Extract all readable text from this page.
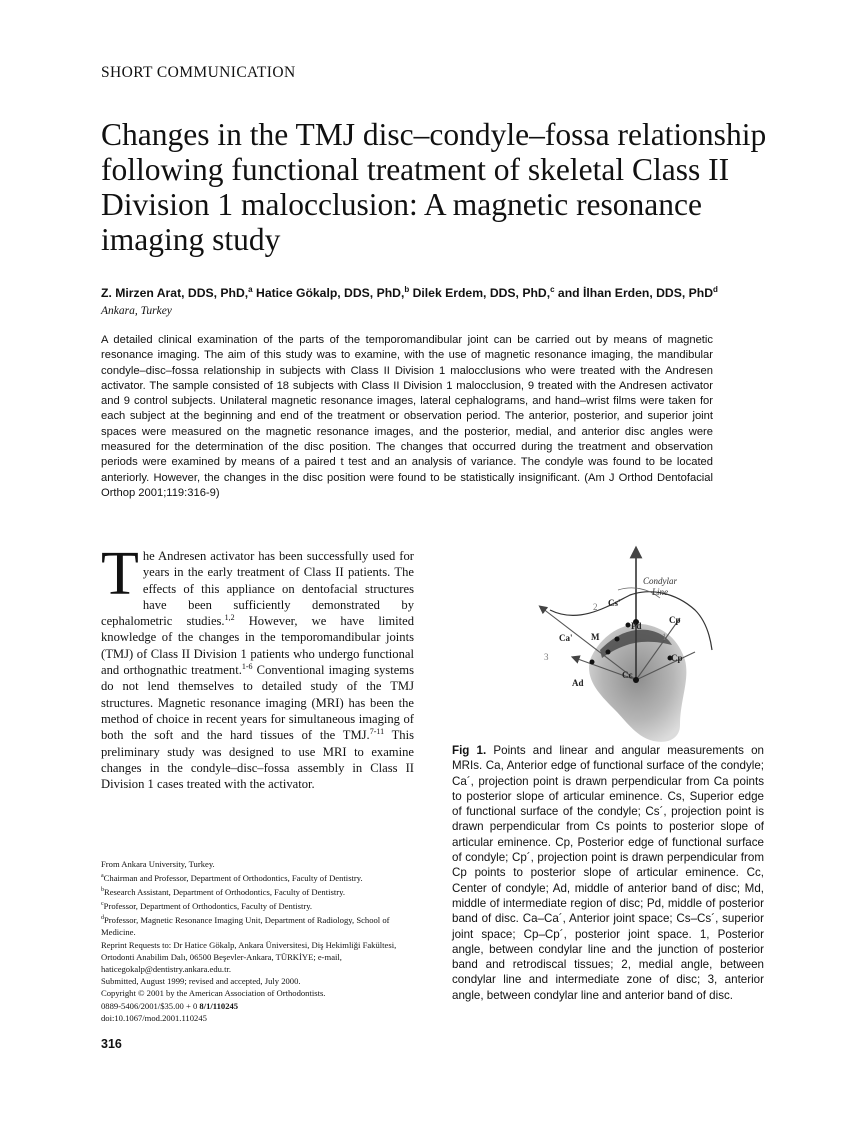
SHORT COMMUNICATION
Changes in the TMJ disc–condyle–fossa relationship following functional treatment of skeletal Class II Division 1 malocclusion: A magnetic resonance imaging study
Z. Mirzen Arat, DDS, PhD,$^a$ Hatice Gökalp, DDS, PhD,$^b$ Dilek Erdem, DDS, PhD,$^c$ and İlhan Erden, DDS, PhD$^d$
Ankara, Turkey

A detailed clinical examination of the parts of the temporomandibular joint can be carried out by means of magnetic resonance imaging. The aim of this study was to examine, with the use of magnetic resonance imaging, the mandibular condyle–disc–fossa relationship in subjects with Class II Division 1 malocclusions who were treated with the Andresen activator. The sample consisted of 18 subjects with Class II Division 1 malocclusion, 9 treated with the Andresen activator and 9 control subjects. Unilateral magnetic resonance images, lateral cephalograms, and hand–wrist films were taken for each subject at the beginning and end of the treatment or observation period. The anterior, posterior, and superior joint spaces were measured on the magnetic resonance images, and the posterior, medial, and anterior disc angles were measured for the determination of the disc position. The changes that occurred during the treatment and observation periods were examined by means of a paired t test and an analysis of variance. The condyle was found to be located anteriorly. However, the changes in the disc position were found to be statistically insignificant. (Am J Orthod Dentofacial Orthop 2001;119:316-9)

The Andresen activator has been successfully used for years in the early treatment of Class II patients. The effects of this appliance on dentofacial structures have been sufficiently demonstrated by cephalometric studies.$^{1,2}$ However, we have limited knowledge of the changes in the temporomandibular joints (TMJ) of Class II Division 1 patients who undergo functional and orthognathic treatment.$^{1-6}$ Conventional imaging systems do not lend themselves to detailed study of the TMJ structures. Magnetic resonance imaging (MRI) has been the method of choice in recent years for simultaneous imaging of both the soft and the hard tissues of the TMJ.$^{7-11}$ This preliminary study was designed to use MRI to examine changes in the condyle–disc–fossa assembly in Class II Division 1 cases treated with the activator.

From Ankara University, Turkey.

$^a$Chairman and Professor, Department of Orthodontics, Faculty of Dentistry.

$^b$Research Assistant, Department of Orthodontics, Faculty of Dentistry.

$^c$Professor, Department of Orthodontics, Faculty of Dentistry.

$^d$Professor, Magnetic Resonance Imaging Unit, Department of Radiology, School of Medicine.

Reprint Requests to: Dr Hatice Gökalp, Ankara Üniversitesi, Diş Hekimliği Fakültesi, Ortodonti Anabilim Dalı, 06500 Beşevler-Ankara, TÜRKİYE; e-mail, haticegokalp@dentistry.ankara.edu.tr.

Submitted, August 1999; revised and accepted, July 2000.

Copyright © 2001 by the American Association of Orthodontists.

0889-5406/2001/$35.00 + 0 8/1/110245

doi:10.1067/mod.2001.110245

316
Condylar
Line
Cs'
2
Pd
Cp
Cp
1
Ca' M
3
Cc
Ad

Fig 1. Points and linear and angular measurements on MRIs. Ca, Anterior edge of functional surface of the condyle; Ca´, projection point is drawn perpendicular from Ca points to posterior slope of articular eminence. Cs, Superior edge of functional surface of the condyle; Cs´, projection point is drawn perpendicular from Cs points to posterior slope of articular eminence. Cp, Posterior edge of functional surface of condyle; Cp´, projection point is drawn perpendicular from Cp points to posterior slope of articular eminence. Cc, Center of condyle; Ad, middle of anterior band of disc; Md, middle of intermediate region of disc; Pd, middle of posterior band of disc. Ca–Ca´, Anterior joint space; Cs–Cs´, superior joint space; Cp–Cp´, posterior joint space. 1, Posterior angle, between condylar line and the junction of posterior band and retrodiscal tissues; 2, medial angle, between condylar line and intermediate zone of disc; 3, anterior angle, between condylar line and anterior band of disc.
